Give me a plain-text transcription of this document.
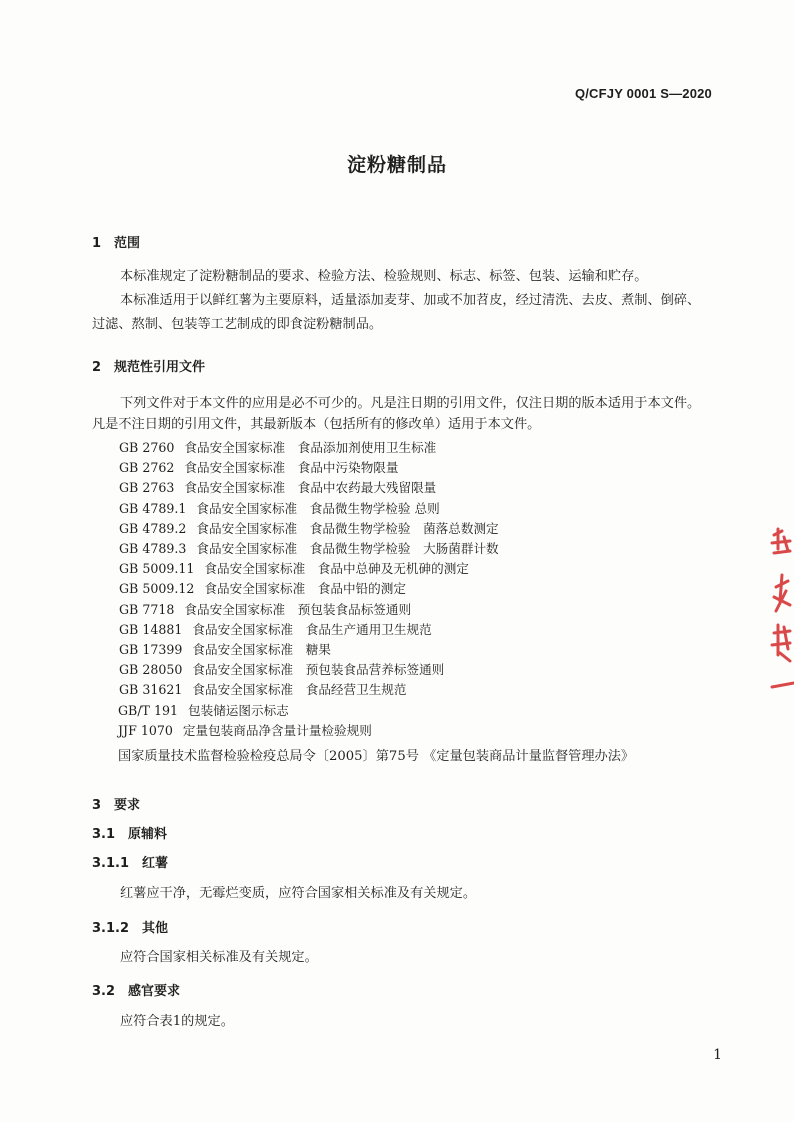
Q/CFJY 0001 S—2020
淀粉糖制品
1　范围
本标准规定了淀粉糖制品的要求、检验方法、检验规则、标志、标签、包装、运输和贮存。
本标准适用于以鲜红薯为主要原料，适量添加麦芽、加或不加苕皮，经过清洗、去皮、煮制、倒碎、
过滤、熬制、包装等工艺制成的即食淀粉糖制品。
2　规范性引用文件
下列文件对于本文件的应用是必不可少的。凡是注日期的引用文件，仅注日期的版本适用于本文件。
凡是不注日期的引用文件，其最新版本（包括所有的修改单）适用于本文件。
GB 2760 食品安全国家标准　食品添加剂使用卫生标准
GB 2762 食品安全国家标准　食品中污染物限量
GB 2763 食品安全国家标准　食品中农药最大残留限量
GB 4789.1 食品安全国家标准　食品微生物学检验 总则
GB 4789.2 食品安全国家标准　食品微生物学检验　菌落总数测定
GB 4789.3 食品安全国家标准　食品微生物学检验　大肠菌群计数
GB 5009.11 食品安全国家标准　食品中总砷及无机砷的测定
GB 5009.12 食品安全国家标准　食品中铅的测定
GB 7718 食品安全国家标准　预包装食品标签通则
GB 14881 食品安全国家标准　食品生产通用卫生规范
GB 17399 食品安全国家标准　糖果
GB 28050 食品安全国家标准　预包装食品营养标签通则
GB 31621 食品安全国家标准　食品经营卫生规范
GB/T 191 包装储运图示标志
JJF 1070 定量包装商品净含量计量检验规则
国家质量技术监督检验检疫总局令〔2005〕第75号 《定量包装商品计量监督管理办法》
3　要求
3.1　原辅料
3.1.1　红薯
红薯应干净，无霉烂变质，应符合国家相关标准及有关规定。
3.1.2　其他
应符合国家相关标准及有关规定。
3.2　感官要求
应符合表1的规定。
1
